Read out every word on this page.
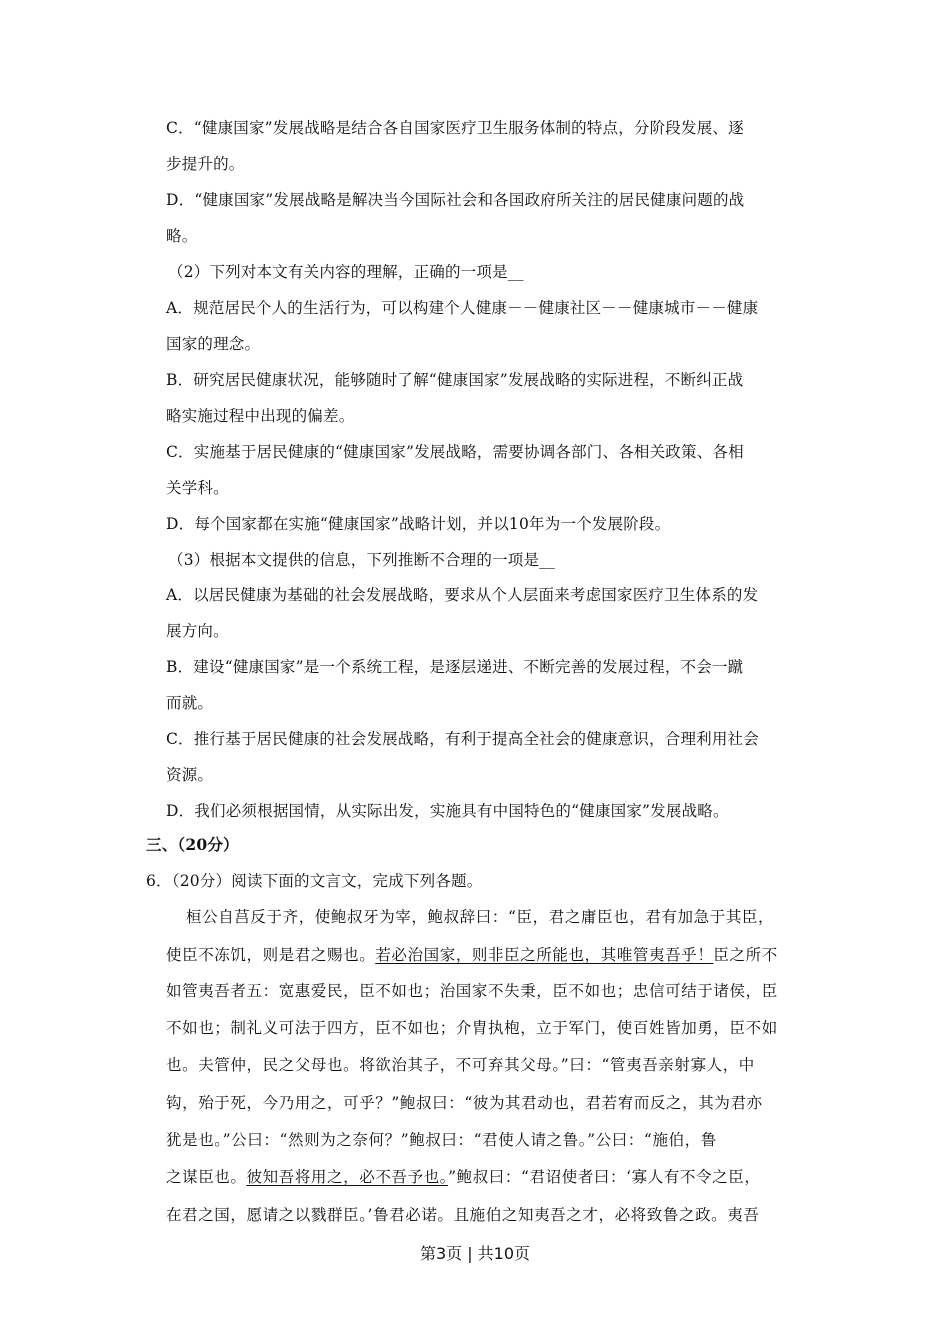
C．“健康国家”发展战略是结合各自国家医疗卫生服务体制的特点，分阶段发展、逐
步提升的。
D．“健康国家”发展战略是解决当今国际社会和各国政府所关注的居民健康问题的战
略。
（2）下列对本文有关内容的理解，正确的一项是__
A．规范居民个人的生活行为，可以构建个人健康－－健康社区－－健康城市－－健康
国家的理念。
B．研究居民健康状况，能够随时了解“健康国家”发展战略的实际进程，不断纠正战
略实施过程中出现的偏差。
C．实施基于居民健康的“健康国家”发展战略，需要协调各部门、各相关政策、各相
关学科。
D．每个国家都在实施“健康国家”战略计划，并以10年为一个发展阶段。
（3）根据本文提供的信息，下列推断不合理的一项是__
A．以居民健康为基础的社会发展战略，要求从个人层面来考虑国家医疗卫生体系的发
展方向。
B．建设“健康国家”是一个系统工程，是逐层递进、不断完善的发展过程，不会一蹴
而就。
C．推行基于居民健康的社会发展战略，有利于提高全社会的健康意识，合理利用社会
资源。
D．我们必须根据国情，从实际出发，实施具有中国特色的“健康国家”发展战略。
三、（20分）
6．（20分）阅读下面的文言文，完成下列各题。
桓公自莒反于齐，使鲍叔牙为宰，鲍叔辞曰：“臣，君之庸臣也，君有加急于其臣，
使臣不冻饥，则是君之赐也。若必治国家，则非臣之所能也，其唯管夷吾乎！臣之所不
如管夷吾者五：宽惠爱民，臣不如也；治国家不失秉，臣不如也；忠信可结于诸侯，臣
不如也；制礼义可法于四方，臣不如也；介胄执枹，立于军门，使百姓皆加勇，臣不如
也。夫管仲，民之父母也。将欲治其子，不可弃其父母。”曰：“管夷吾亲射寡人，中
钩，殆于死，今乃用之，可乎？”鲍叔曰：“彼为其君动也，君若宥而反之，其为君亦
犹是也。”公曰：“然则为之奈何？”鲍叔曰：“君使人请之鲁。”公曰：“施伯，鲁
之谋臣也。彼知吾将用之，必不吾予也。”鲍叔曰：“君诏使者曰：‘寡人有不令之臣，
在君之国，愿请之以戮群臣。’鲁君必诺。且施伯之知夷吾之才，必将致鲁之政。夷吾
第3页 | 共10页
